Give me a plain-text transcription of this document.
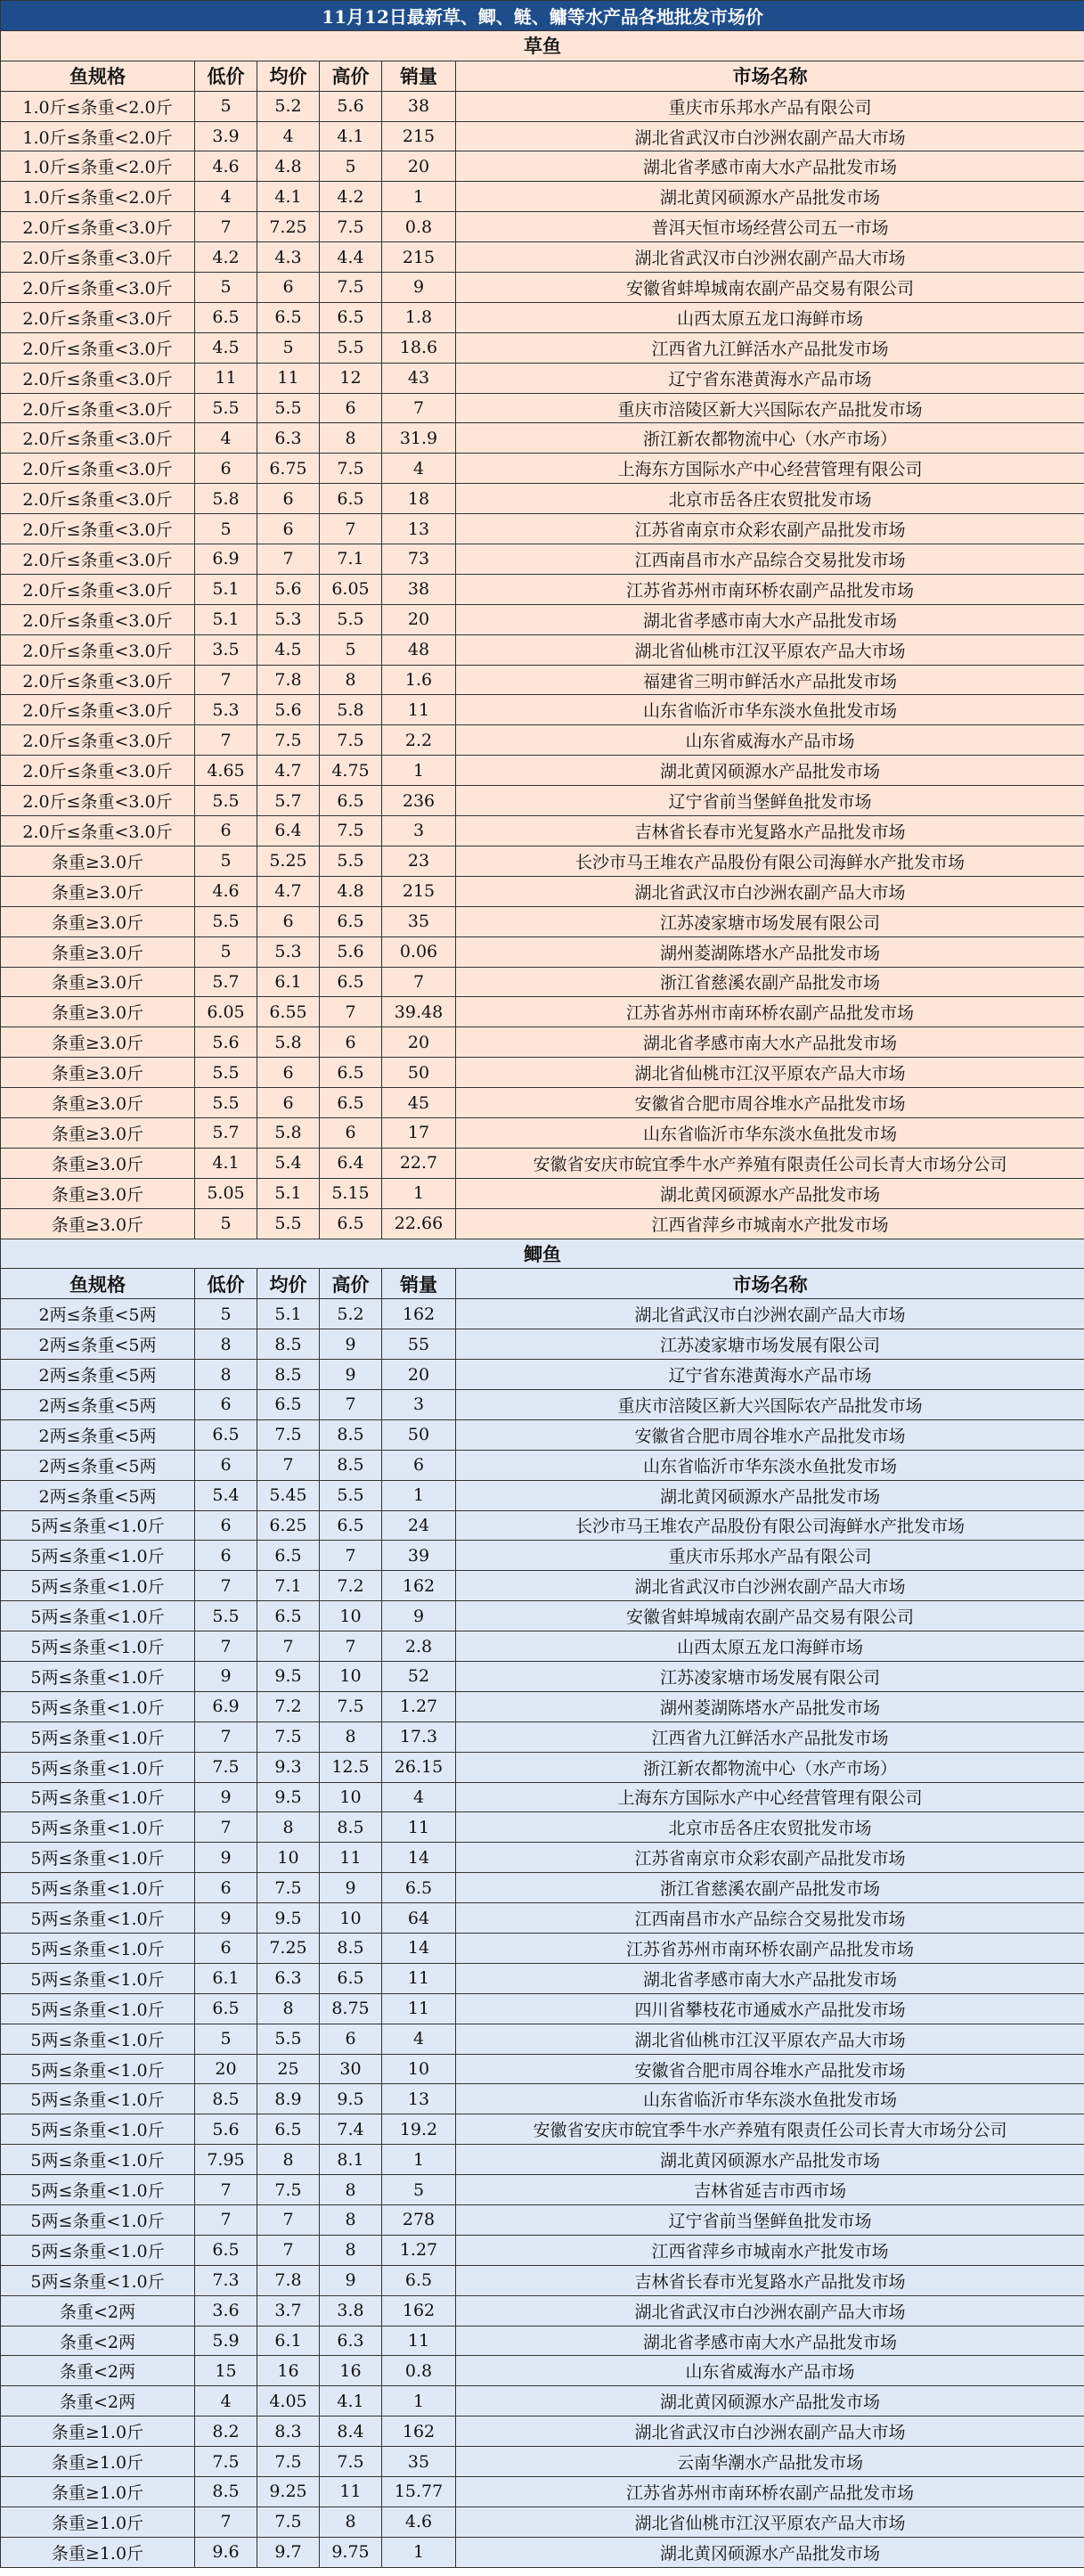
11月12日最新草、鲫、鲢、鳙等水产品各地批发市场价					
草鱼					
鱼规格	低价	均价	高价	销量	市场名称
1.0斤≤条重<2.0斤	5	5.2	5.6	38	重庆市乐邦水产品有限公司
1.0斤≤条重<2.0斤	3.9	4	4.1	215	湖北省武汉市白沙洲农副产品大市场
1.0斤≤条重<2.0斤	4.6	4.8	5	20	湖北省孝感市南大水产品批发市场
1.0斤≤条重<2.0斤	4	4.1	4.2	1	湖北黄冈硕源水产品批发市场
2.0斤≤条重<3.0斤	7	7.25	7.5	0.8	普洱天恒市场经营公司五一市场
2.0斤≤条重<3.0斤	4.2	4.3	4.4	215	湖北省武汉市白沙洲农副产品大市场
2.0斤≤条重<3.0斤	5	6	7.5	9	安徽省蚌埠城南农副产品交易有限公司
2.0斤≤条重<3.0斤	6.5	6.5	6.5	1.8	山西太原五龙口海鲜市场
2.0斤≤条重<3.0斤	4.5	5	5.5	18.6	江西省九江鲜活水产品批发市场
2.0斤≤条重<3.0斤	11	11	12	43	辽宁省东港黄海水产品市场
2.0斤≤条重<3.0斤	5.5	5.5	6	7	重庆市涪陵区新大兴国际农产品批发市场
2.0斤≤条重<3.0斤	4	6.3	8	31.9	浙江新农都物流中心（水产市场）
2.0斤≤条重<3.0斤	6	6.75	7.5	4	上海东方国际水产中心经营管理有限公司
2.0斤≤条重<3.0斤	5.8	6	6.5	18	北京市岳各庄农贸批发市场
2.0斤≤条重<3.0斤	5	6	7	13	江苏省南京市众彩农副产品批发市场
2.0斤≤条重<3.0斤	6.9	7	7.1	73	江西南昌市水产品综合交易批发市场
2.0斤≤条重<3.0斤	5.1	5.6	6.05	38	江苏省苏州市南环桥农副产品批发市场
2.0斤≤条重<3.0斤	5.1	5.3	5.5	20	湖北省孝感市南大水产品批发市场
2.0斤≤条重<3.0斤	3.5	4.5	5	48	湖北省仙桃市江汉平原农产品大市场
2.0斤≤条重<3.0斤	7	7.8	8	1.6	福建省三明市鲜活水产品批发市场
2.0斤≤条重<3.0斤	5.3	5.6	5.8	11	山东省临沂市华东淡水鱼批发市场
2.0斤≤条重<3.0斤	7	7.5	7.5	2.2	山东省威海水产品市场
2.0斤≤条重<3.0斤	4.65	4.7	4.75	1	湖北黄冈硕源水产品批发市场
2.0斤≤条重<3.0斤	5.5	5.7	6.5	236	辽宁省前当堡鲜鱼批发市场
2.0斤≤条重<3.0斤	6	6.4	7.5	3	吉林省长春市光复路水产品批发市场
条重≥3.0斤	5	5.25	5.5	23	长沙市马王堆农产品股份有限公司海鲜水产批发市场
条重≥3.0斤	4.6	4.7	4.8	215	湖北省武汉市白沙洲农副产品大市场
条重≥3.0斤	5.5	6	6.5	35	江苏凌家塘市场发展有限公司
条重≥3.0斤	5	5.3	5.6	0.06	湖州菱湖陈塔水产品批发市场
条重≥3.0斤	5.7	6.1	6.5	7	浙江省慈溪农副产品批发市场
条重≥3.0斤	6.05	6.55	7	39.48	江苏省苏州市南环桥农副产品批发市场
条重≥3.0斤	5.6	5.8	6	20	湖北省孝感市南大水产品批发市场
条重≥3.0斤	5.5	6	6.5	50	湖北省仙桃市江汉平原农产品大市场
条重≥3.0斤	5.5	6	6.5	45	安徽省合肥市周谷堆水产品批发市场
条重≥3.0斤	5.7	5.8	6	17	山东省临沂市华东淡水鱼批发市场
条重≥3.0斤	4.1	5.4	6.4	22.7	安徽省安庆市皖宜季牛水产养殖有限责任公司长青大市场分公司
条重≥3.0斤	5.05	5.1	5.15	1	湖北黄冈硕源水产品批发市场
条重≥3.0斤	5	5.5	6.5	22.66	江西省萍乡市城南水产批发市场
鲫鱼					
鱼规格	低价	均价	高价	销量	市场名称
2两≤条重<5两	5	5.1	5.2	162	湖北省武汉市白沙洲农副产品大市场
2两≤条重<5两	8	8.5	9	55	江苏凌家塘市场发展有限公司
2两≤条重<5两	8	8.5	9	20	辽宁省东港黄海水产品市场
2两≤条重<5两	6	6.5	7	3	重庆市涪陵区新大兴国际农产品批发市场
2两≤条重<5两	6.5	7.5	8.5	50	安徽省合肥市周谷堆水产品批发市场
2两≤条重<5两	6	7	8.5	6	山东省临沂市华东淡水鱼批发市场
2两≤条重<5两	5.4	5.45	5.5	1	湖北黄冈硕源水产品批发市场
5两≤条重<1.0斤	6	6.25	6.5	24	长沙市马王堆农产品股份有限公司海鲜水产批发市场
5两≤条重<1.0斤	6	6.5	7	39	重庆市乐邦水产品有限公司
5两≤条重<1.0斤	7	7.1	7.2	162	湖北省武汉市白沙洲农副产品大市场
5两≤条重<1.0斤	5.5	6.5	10	9	安徽省蚌埠城南农副产品交易有限公司
5两≤条重<1.0斤	7	7	7	2.8	山西太原五龙口海鲜市场
5两≤条重<1.0斤	9	9.5	10	52	江苏凌家塘市场发展有限公司
5两≤条重<1.0斤	6.9	7.2	7.5	1.27	湖州菱湖陈塔水产品批发市场
5两≤条重<1.0斤	7	7.5	8	17.3	江西省九江鲜活水产品批发市场
5两≤条重<1.0斤	7.5	9.3	12.5	26.15	浙江新农都物流中心（水产市场）
5两≤条重<1.0斤	9	9.5	10	4	上海东方国际水产中心经营管理有限公司
5两≤条重<1.0斤	7	8	8.5	11	北京市岳各庄农贸批发市场
5两≤条重<1.0斤	9	10	11	14	江苏省南京市众彩农副产品批发市场
5两≤条重<1.0斤	6	7.5	9	6.5	浙江省慈溪农副产品批发市场
5两≤条重<1.0斤	9	9.5	10	64	江西南昌市水产品综合交易批发市场
5两≤条重<1.0斤	6	7.25	8.5	14	江苏省苏州市南环桥农副产品批发市场
5两≤条重<1.0斤	6.1	6.3	6.5	11	湖北省孝感市南大水产品批发市场
5两≤条重<1.0斤	6.5	8	8.75	11	四川省攀枝花市通威水产品批发市场
5两≤条重<1.0斤	5	5.5	6	4	湖北省仙桃市江汉平原农产品大市场
5两≤条重<1.0斤	20	25	30	10	安徽省合肥市周谷堆水产品批发市场
5两≤条重<1.0斤	8.5	8.9	9.5	13	山东省临沂市华东淡水鱼批发市场
5两≤条重<1.0斤	5.6	6.5	7.4	19.2	安徽省安庆市皖宜季牛水产养殖有限责任公司长青大市场分公司
5两≤条重<1.0斤	7.95	8	8.1	1	湖北黄冈硕源水产品批发市场
5两≤条重<1.0斤	7	7.5	8	5	吉林省延吉市西市场
5两≤条重<1.0斤	7	7	8	278	辽宁省前当堡鲜鱼批发市场
5两≤条重<1.0斤	6.5	7	8	1.27	江西省萍乡市城南水产批发市场
5两≤条重<1.0斤	7.3	7.8	9	6.5	吉林省长春市光复路水产品批发市场
条重<2两	3.6	3.7	3.8	162	湖北省武汉市白沙洲农副产品大市场
条重<2两	5.9	6.1	6.3	11	湖北省孝感市南大水产品批发市场
条重<2两	15	16	16	0.8	山东省威海水产品市场
条重<2两	4	4.05	4.1	1	湖北黄冈硕源水产品批发市场
条重≥1.0斤	8.2	8.3	8.4	162	湖北省武汉市白沙洲农副产品大市场
条重≥1.0斤	7.5	7.5	7.5	35	云南华潮水产品批发市场
条重≥1.0斤	8.5	9.25	11	15.77	江苏省苏州市南环桥农副产品批发市场
条重≥1.0斤	7	7.5	8	4.6	湖北省仙桃市江汉平原农产品大市场
条重≥1.0斤	9.6	9.7	9.75	1	湖北黄冈硕源水产品批发市场
